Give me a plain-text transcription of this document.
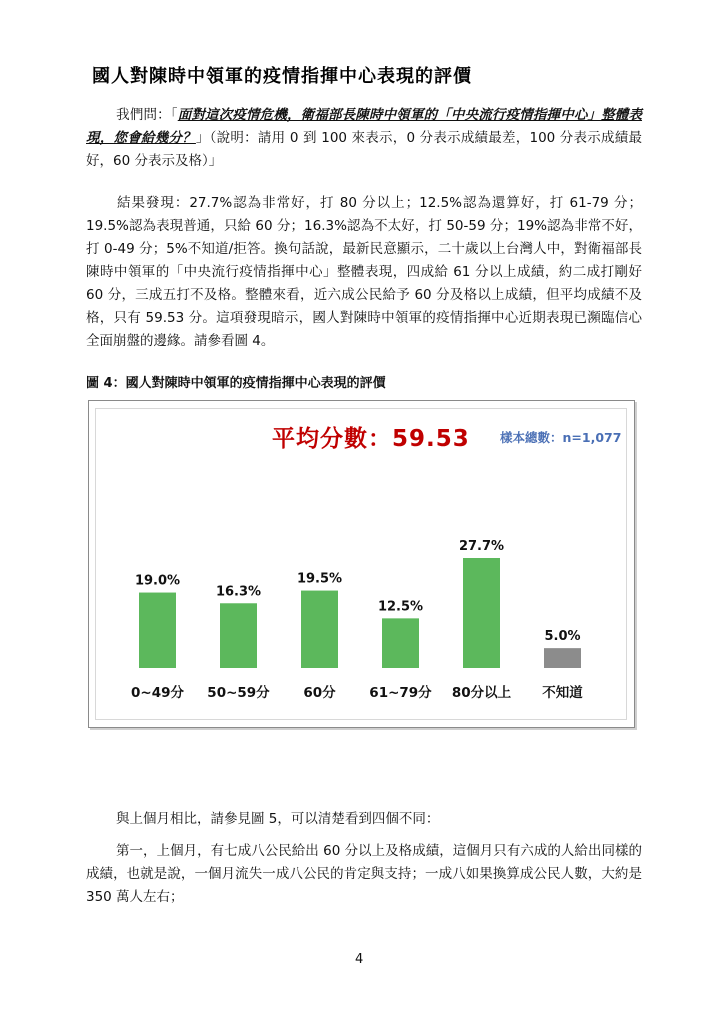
國人對陳時中領軍的疫情指揮中心表現的評價
我們問：「面對這次疫情危機，衛福部長陳時中領軍的「中央流行疫情指揮中心」整體表現，您會給幾分？」（說明：請用 0 到 100 來表示，0 分表示成績最差，100 分表示成績最好，60 分表示及格）」
結果發現：27.7%認為非常好，打 80 分以上；12.5%認為還算好，打 61-79 分；19.5%認為表現普通，只給 60 分；16.3%認為不太好，打 50-59 分；19%認為非常不好，打 0-49 分；5%不知道/拒答。換句話說，最新民意顯示，二十歲以上台灣人中，對衛福部長陳時中領軍的「中央流行疫情指揮中心」整體表現，四成給 61 分以上成績，約二成打剛好 60 分，三成五打不及格。整體來看，近六成公民給予 60 分及格以上成績，但平均成績不及格，只有 59.53 分。這項發現暗示，國人對陳時中領軍的疫情指揮中心近期表現已瀕臨信心全面崩盤的邊緣。請參看圖 4。
圖 4：國人對陳時中領軍的疫情指揮中心表現的評價
平均分數：59.53 樣本總數：n=1,077
19.0%
0~49分
16.3%
50~59分
19.5%
60分
12.5%
61~79分
27.7%
80分以上
5.0%
不知道
與上個月相比，請參見圖 5，可以清楚看到四個不同：
第一，上個月，有七成八公民給出 60 分以上及格成績，這個月只有六成的人給出同樣的成績，也就是說，一個月流失一成八公民的肯定與支持；一成八如果換算成公民人數，大約是 350 萬人左右；
4
